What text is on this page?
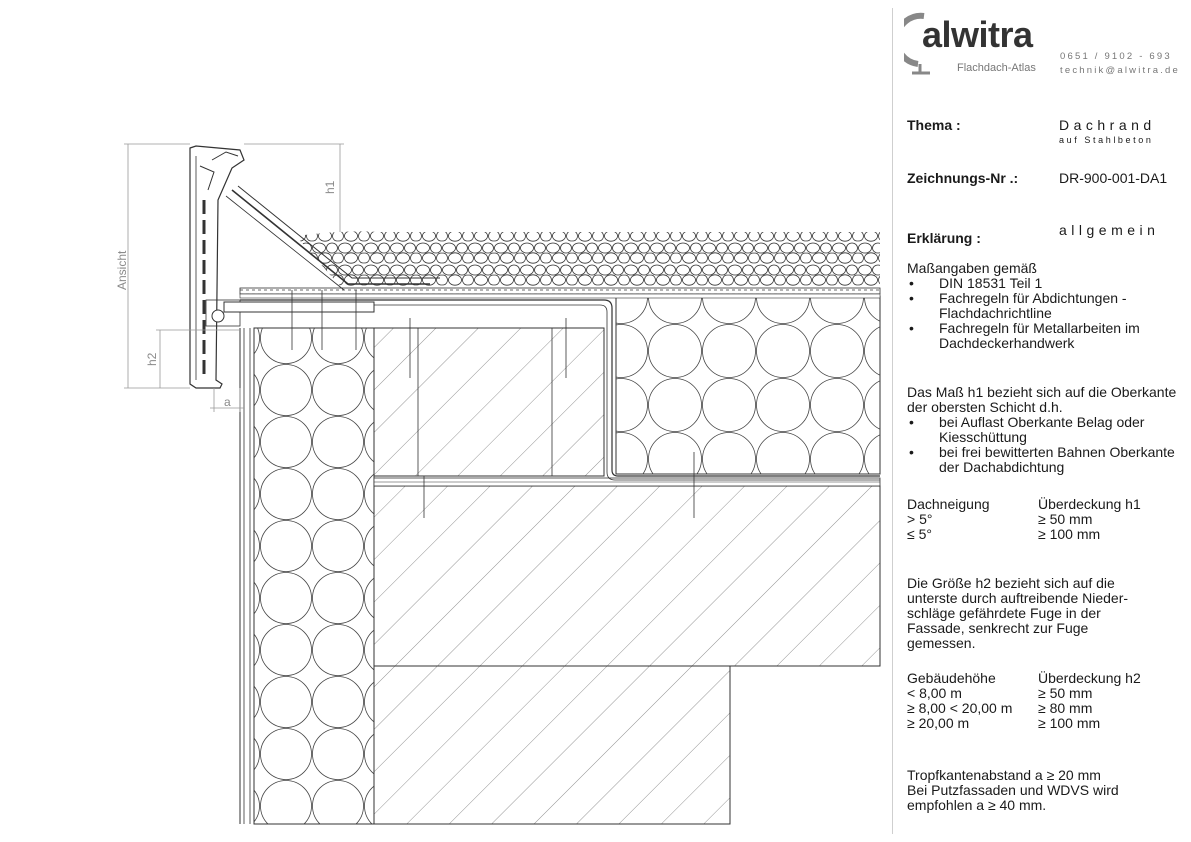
Ansicht
h1
h2
a
alwitra
Flachdach-Atlas
0651 / 9102 - 693
technik@alwitra.de
Thema :	Dachrand
auf Stahlbeton
Zeichnungs-Nr .:	DR-900-001-DA1
Erklärung :	allgemein
Maßangaben gemäß
• DIN 18531 Teil 1
• Fachregeln für Abdichtungen - Flachdachrichtline
• Fachregeln für Metallarbeiten im Dachdeckerhandwerk
Das Maß h1 bezieht sich auf die Oberkante der obersten Schicht d.h.
• bei Auflast Oberkante Belag oder Kiesschüttung
• bei frei bewitterten Bahnen Oberkante der Dachabdichtung
Dachneigung	Überdeckung h1
> 5°	≥ 50 mm
≤ 5°	≥ 100 mm
Die Größe h2 bezieht sich auf die unterste durch auftreibende Nieder-schläge gefährdete Fuge in der Fassade, senkrecht zur Fuge gemessen.
Gebäudehöhe	Überdeckung h2
< 8,00 m	≥ 50 mm
≥ 8,00 < 20,00 m	≥ 80 mm
≥ 20,00 m	≥ 100 mm
Tropfkantenabstand a ≥ 20 mm
Bei Putzfassaden und WDVS wird empfohlen a ≥ 40 mm.
